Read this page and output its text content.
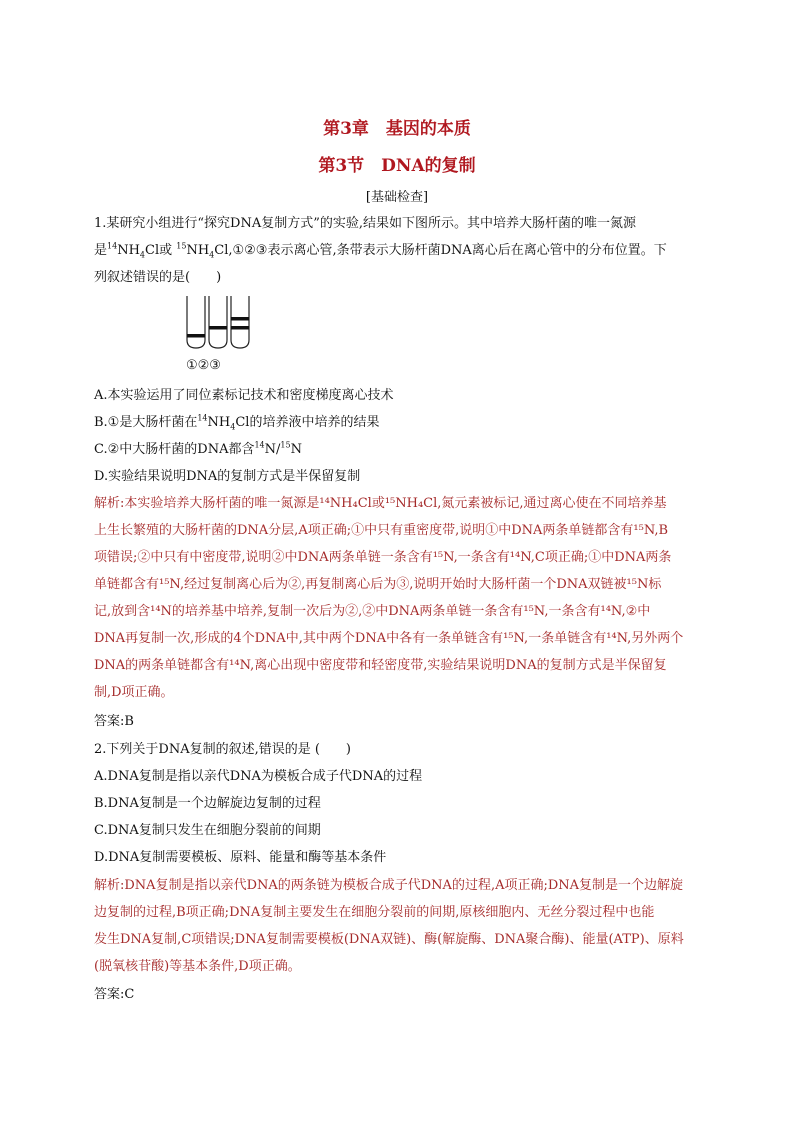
第3章　基因的本质
第3节　DNA的复制
[基础检查]
1.某研究小组进行“探究DNA复制方式”的实验,结果如下图所示。其中培养大肠杆菌的唯一氮源
是$^{14}NH_4Cl$或 $^{15}NH_4Cl,①②③$表示离心管,条带表示大肠杆菌DNA离心后在离心管中的分布位置。下
列叙述错误的是(　　)
①②③
A.本实验运用了同位素标记技术和密度梯度离心技术
B.①是大肠杆菌在$^{14}NH_4Cl$的培养液中培养的结果
C.②中大肠杆菌的DNA都含$^{14}$N/$^{15}$N
D.实验结果说明DNA的复制方式是半保留复制
解析:本实验培养大肠杆菌的唯一氮源是¹⁴NH₄Cl或¹⁵NH₄Cl,氮元素被标记,通过离心使在不同培养基
上生长繁殖的大肠杆菌的DNA分层,A项正确;①中只有重密度带,说明①中DNA两条单链都含有¹⁵N,B
项错误;②中只有中密度带,说明②中DNA两条单链一条含有¹⁵N,一条含有¹⁴N,C项正确;①中DNA两条
单链都含有¹⁵N,经过复制离心后为②,再复制离心后为③,说明开始时大肠杆菌一个DNA双链被¹⁵N标
记,放到含¹⁴N的培养基中培养,复制一次后为②,②中DNA两条单链一条含有¹⁵N,一条含有¹⁴N,②中
DNA再复制一次,形成的4个DNA中,其中两个DNA中各有一条单链含有¹⁵N,一条单链含有¹⁴N,另外两个
DNA的两条单链都含有¹⁴N,离心出现中密度带和轻密度带,实验结果说明DNA的复制方式是半保留复
制,D项正确。
答案:B
2.下列关于DNA复制的叙述,错误的是 (　　)
A.DNA复制是指以亲代DNA为模板合成子代DNA的过程
B.DNA复制是一个边解旋边复制的过程
C.DNA复制只发生在细胞分裂前的间期
D.DNA复制需要模板、原料、能量和酶等基本条件
解析:DNA复制是指以亲代DNA的两条链为模板合成子代DNA的过程,A项正确;DNA复制是一个边解旋
边复制的过程,B项正确;DNA复制主要发生在细胞分裂前的间期,原核细胞内、无丝分裂过程中也能
发生DNA复制,C项错误;DNA复制需要模板(DNA双链)、酶(解旋酶、DNA聚合酶)、能量(ATP)、原料
(脱氧核苷酸)等基本条件,D项正确。
答案:C
